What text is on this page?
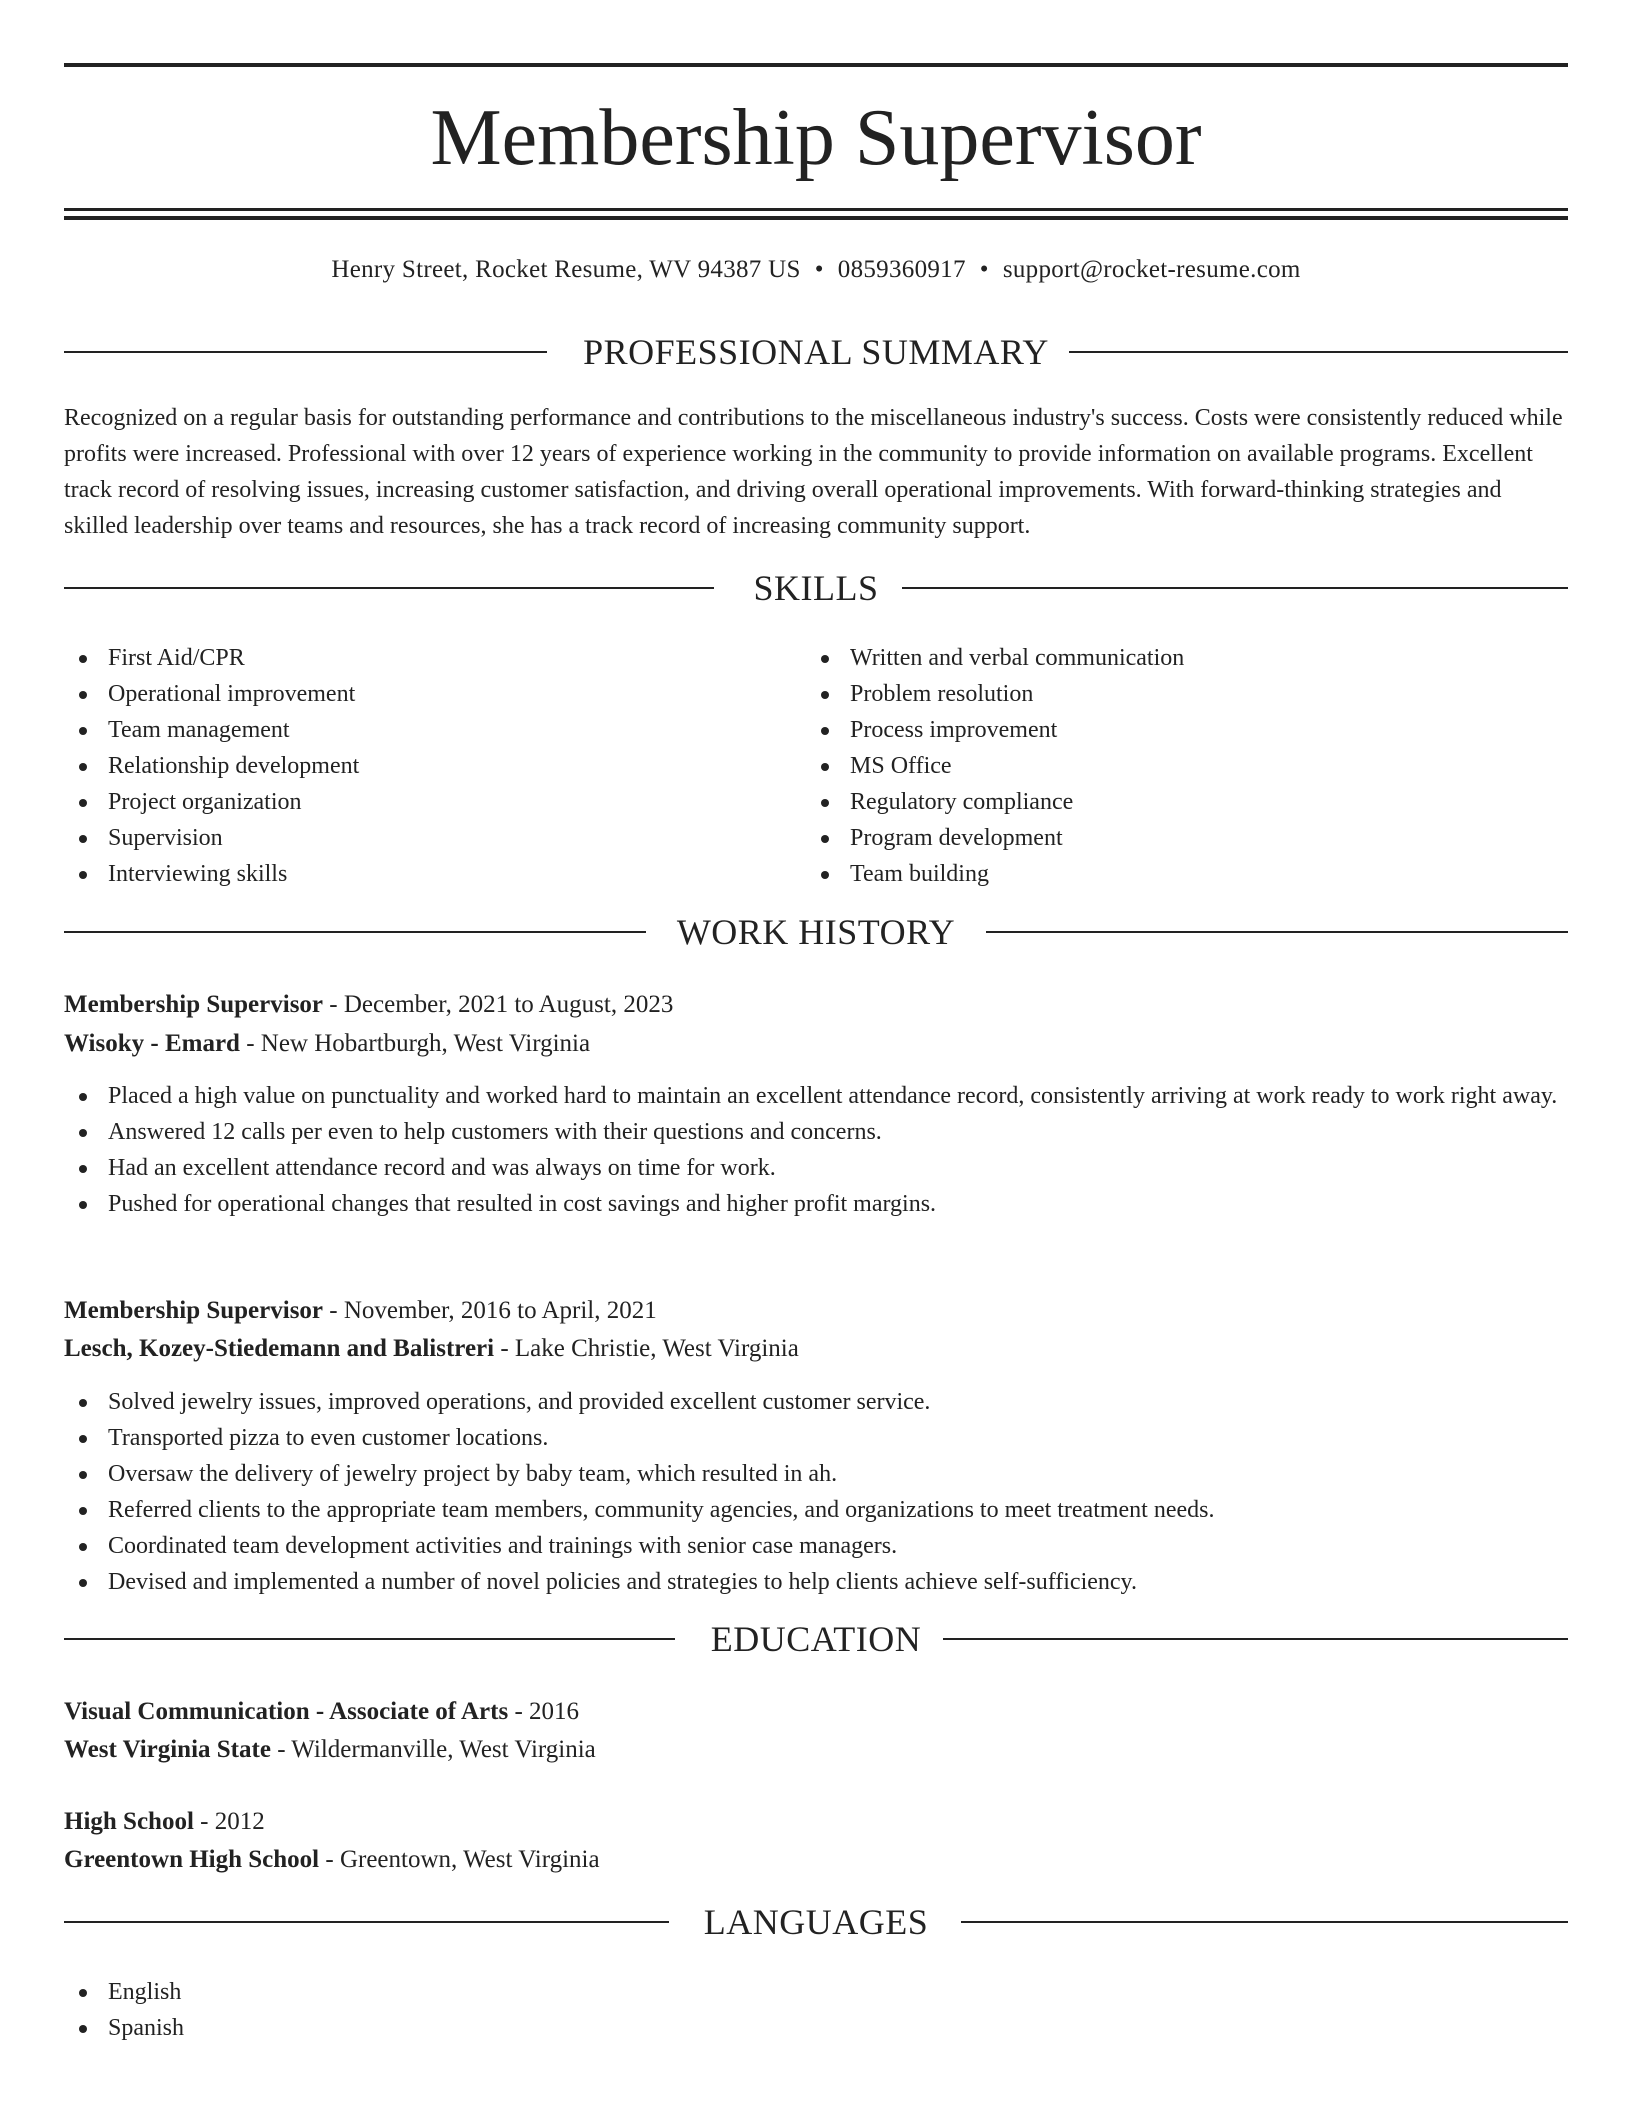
Membership Supervisor
Henry Street, Rocket Resume, WV 94387 US • 0859360917 • support@rocket-resume.com
PROFESSIONAL SUMMARY

Recognized on a regular basis for outstanding performance and contributions to the miscellaneous industry's success. Costs were consistently reduced while profits were increased. Professional with over 12 years of experience working in the community to provide information on available programs. Excellent track record of resolving issues, increasing customer satisfaction, and driving overall operational improvements. With forward-thinking strategies and skilled leadership over teams and resources, she has a track record of increasing community support.

SKILLS
First Aid/CPR
Operational improvement
Team management
Relationship development
Project organization
Supervision
Interviewing skills
Written and verbal communication
Problem resolution
Process improvement
MS Office
Regulatory compliance
Program development
Team building
WORK HISTORY
Membership Supervisor - December, 2021 to August, 2023
Wisoky - Emard - New Hobartburgh, West Virginia
Placed a high value on punctuality and worked hard to maintain an excellent attendance record, consistently arriving at work ready to work right away.
Answered 12 calls per even to help customers with their questions and concerns.
Had an excellent attendance record and was always on time for work.
Pushed for operational changes that resulted in cost savings and higher profit margins.
Membership Supervisor - November, 2016 to April, 2021
Lesch, Kozey-Stiedemann and Balistreri - Lake Christie, West Virginia
Solved jewelry issues, improved operations, and provided excellent customer service.
Transported pizza to even customer locations.
Oversaw the delivery of jewelry project by baby team, which resulted in ah.
Referred clients to the appropriate team members, community agencies, and organizations to meet treatment needs.
Coordinated team development activities and trainings with senior case managers.
Devised and implemented a number of novel policies and strategies to help clients achieve self-sufficiency.
EDUCATION
Visual Communication - Associate of Arts - 2016
West Virginia State - Wildermanville, West Virginia
High School - 2012
Greentown High School - Greentown, West Virginia
LANGUAGES
English
Spanish
